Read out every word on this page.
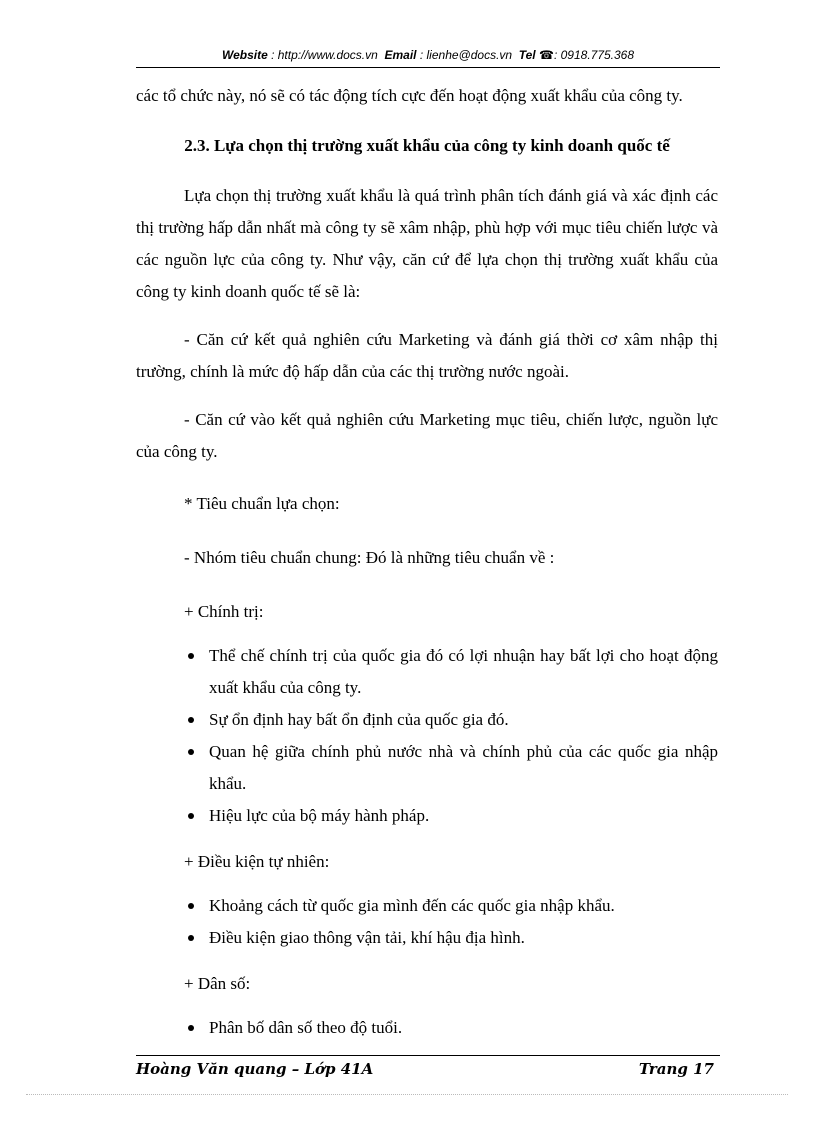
Website : http://www.docs.vn Email : lienhe@docs.vn Tel ☎: 0918.775.368

các tổ chức này, nó sẽ có tác động tích cực đến hoạt động xuất khẩu của công ty.

2.3. Lựa chọn thị trường xuất khẩu của công ty kinh doanh quốc tế

Lựa chọn thị trường xuất khẩu là quá trình phân tích đánh giá và xác định các thị trường hấp dẫn nhất mà công ty sẽ xâm nhập, phù hợp với mục tiêu chiến lược và các nguồn lực của công ty. Như vậy, căn cứ để lựa chọn thị trường xuất khẩu của công ty kinh doanh quốc tế sẽ là:

- Căn cứ kết quả nghiên cứu Marketing và đánh giá thời cơ xâm nhập thị trường, chính là mức độ hấp dẫn của các thị trường nước ngoài.

- Căn cứ vào kết quả nghiên cứu Marketing mục tiêu, chiến lược, nguồn lực của công ty.

* Tiêu chuẩn lựa chọn:

- Nhóm tiêu chuẩn chung: Đó là những tiêu chuẩn về :

+ Chính trị:

Thể chế chính trị của quốc gia đó có lợi nhuận hay bất lợi cho hoạt động xuất khẩu của công ty.
Sự ổn định hay bất ổn định của quốc gia đó.
Quan hệ giữa chính phủ nước nhà và chính phủ của các quốc gia nhập khẩu.
Hiệu lực của bộ máy hành pháp.

+ Điều kiện tự nhiên:

Khoảng cách từ quốc gia mình đến các quốc gia nhập khẩu.
Điều kiện giao thông vận tải, khí hậu địa hình.

+ Dân số:

Phân bố dân số theo độ tuổi.
Hoàng Văn quang – Lớp 41A	Trang 17
